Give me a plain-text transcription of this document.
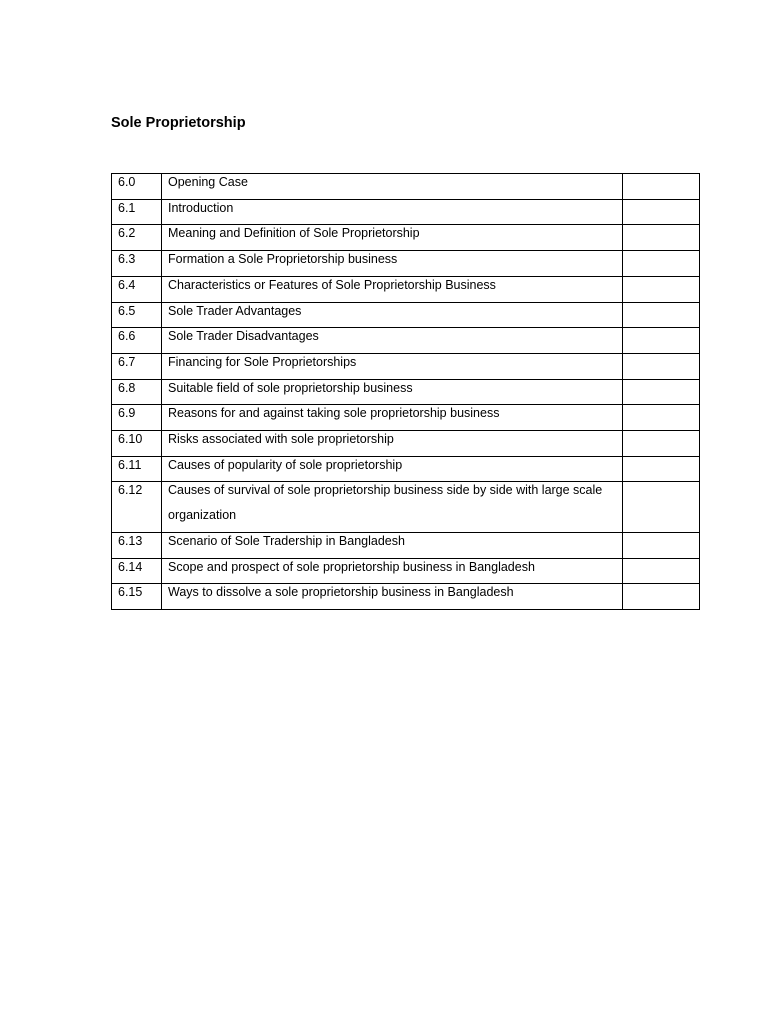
Sole Proprietorship
6.0	Opening Case	

6.1	Introduction	

6.2	Meaning and Definition of Sole Proprietorship	

6.3	Formation a Sole Proprietorship business	

6.4	Characteristics or Features of Sole Proprietorship Business	

6.5	Sole Trader Advantages	

6.6	Sole Trader Disadvantages	

6.7	Financing for Sole Proprietorships	

6.8	Suitable field of sole proprietorship business	

6.9	Reasons for and against taking sole proprietorship business	

6.10	Risks associated with sole proprietorship	

6.11	Causes of popularity of sole proprietorship	

6.12	Causes of survival of sole proprietorship business side by side with large scale organization	

6.13	Scenario of Sole Tradership in Bangladesh	

6.14	Scope and prospect of sole proprietorship business in Bangladesh	

6.15	Ways to dissolve a sole proprietorship business in Bangladesh	
